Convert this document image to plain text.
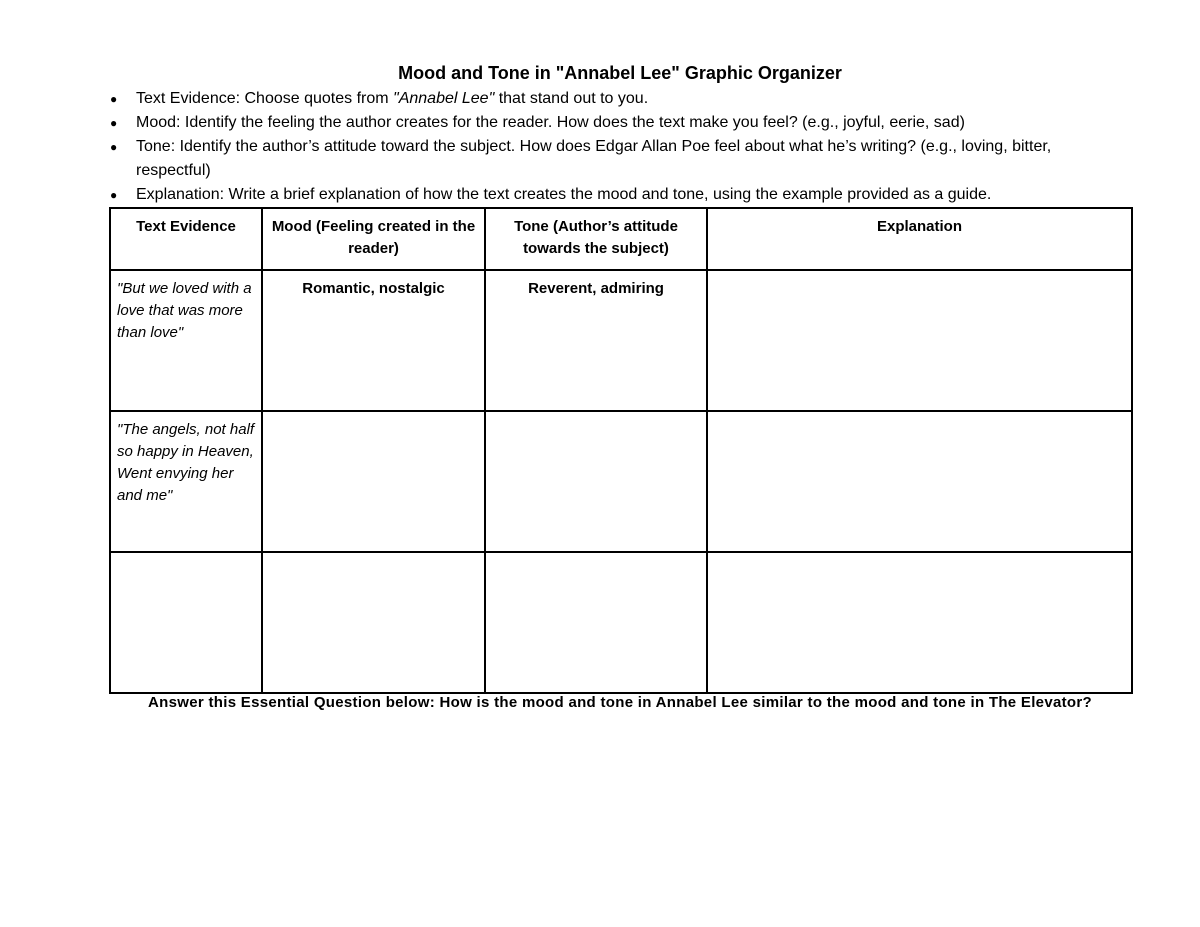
Mood and Tone in "Annabel Lee" Graphic Organizer
● Text Evidence: Choose quotes from "Annabel Lee" that stand out to you.
● Mood: Identify the feeling the author creates for the reader. How does the text make you feel? (e.g., joyful, eerie, sad)
● Tone: Identify the author’s attitude toward the subject. How does Edgar Allan Poe feel about what he’s writing? (e.g., loving, bitter, respectful)
● Explanation: Write a brief explanation of how the text creates the mood and tone, using the example provided as a guide.
Text Evidence	Mood (Feeling created in the reader)	Tone (Author’s attitude towards the subject)	Explanation
"But we loved with a love that was more than love"	Romantic, nostalgic	Reverent, admiring	
"The angels, not half so happy in Heaven, Went envying her and me"			

Answer this Essential Question below: How is the mood and tone in Annabel Lee similar to the mood and tone in The Elevator?
